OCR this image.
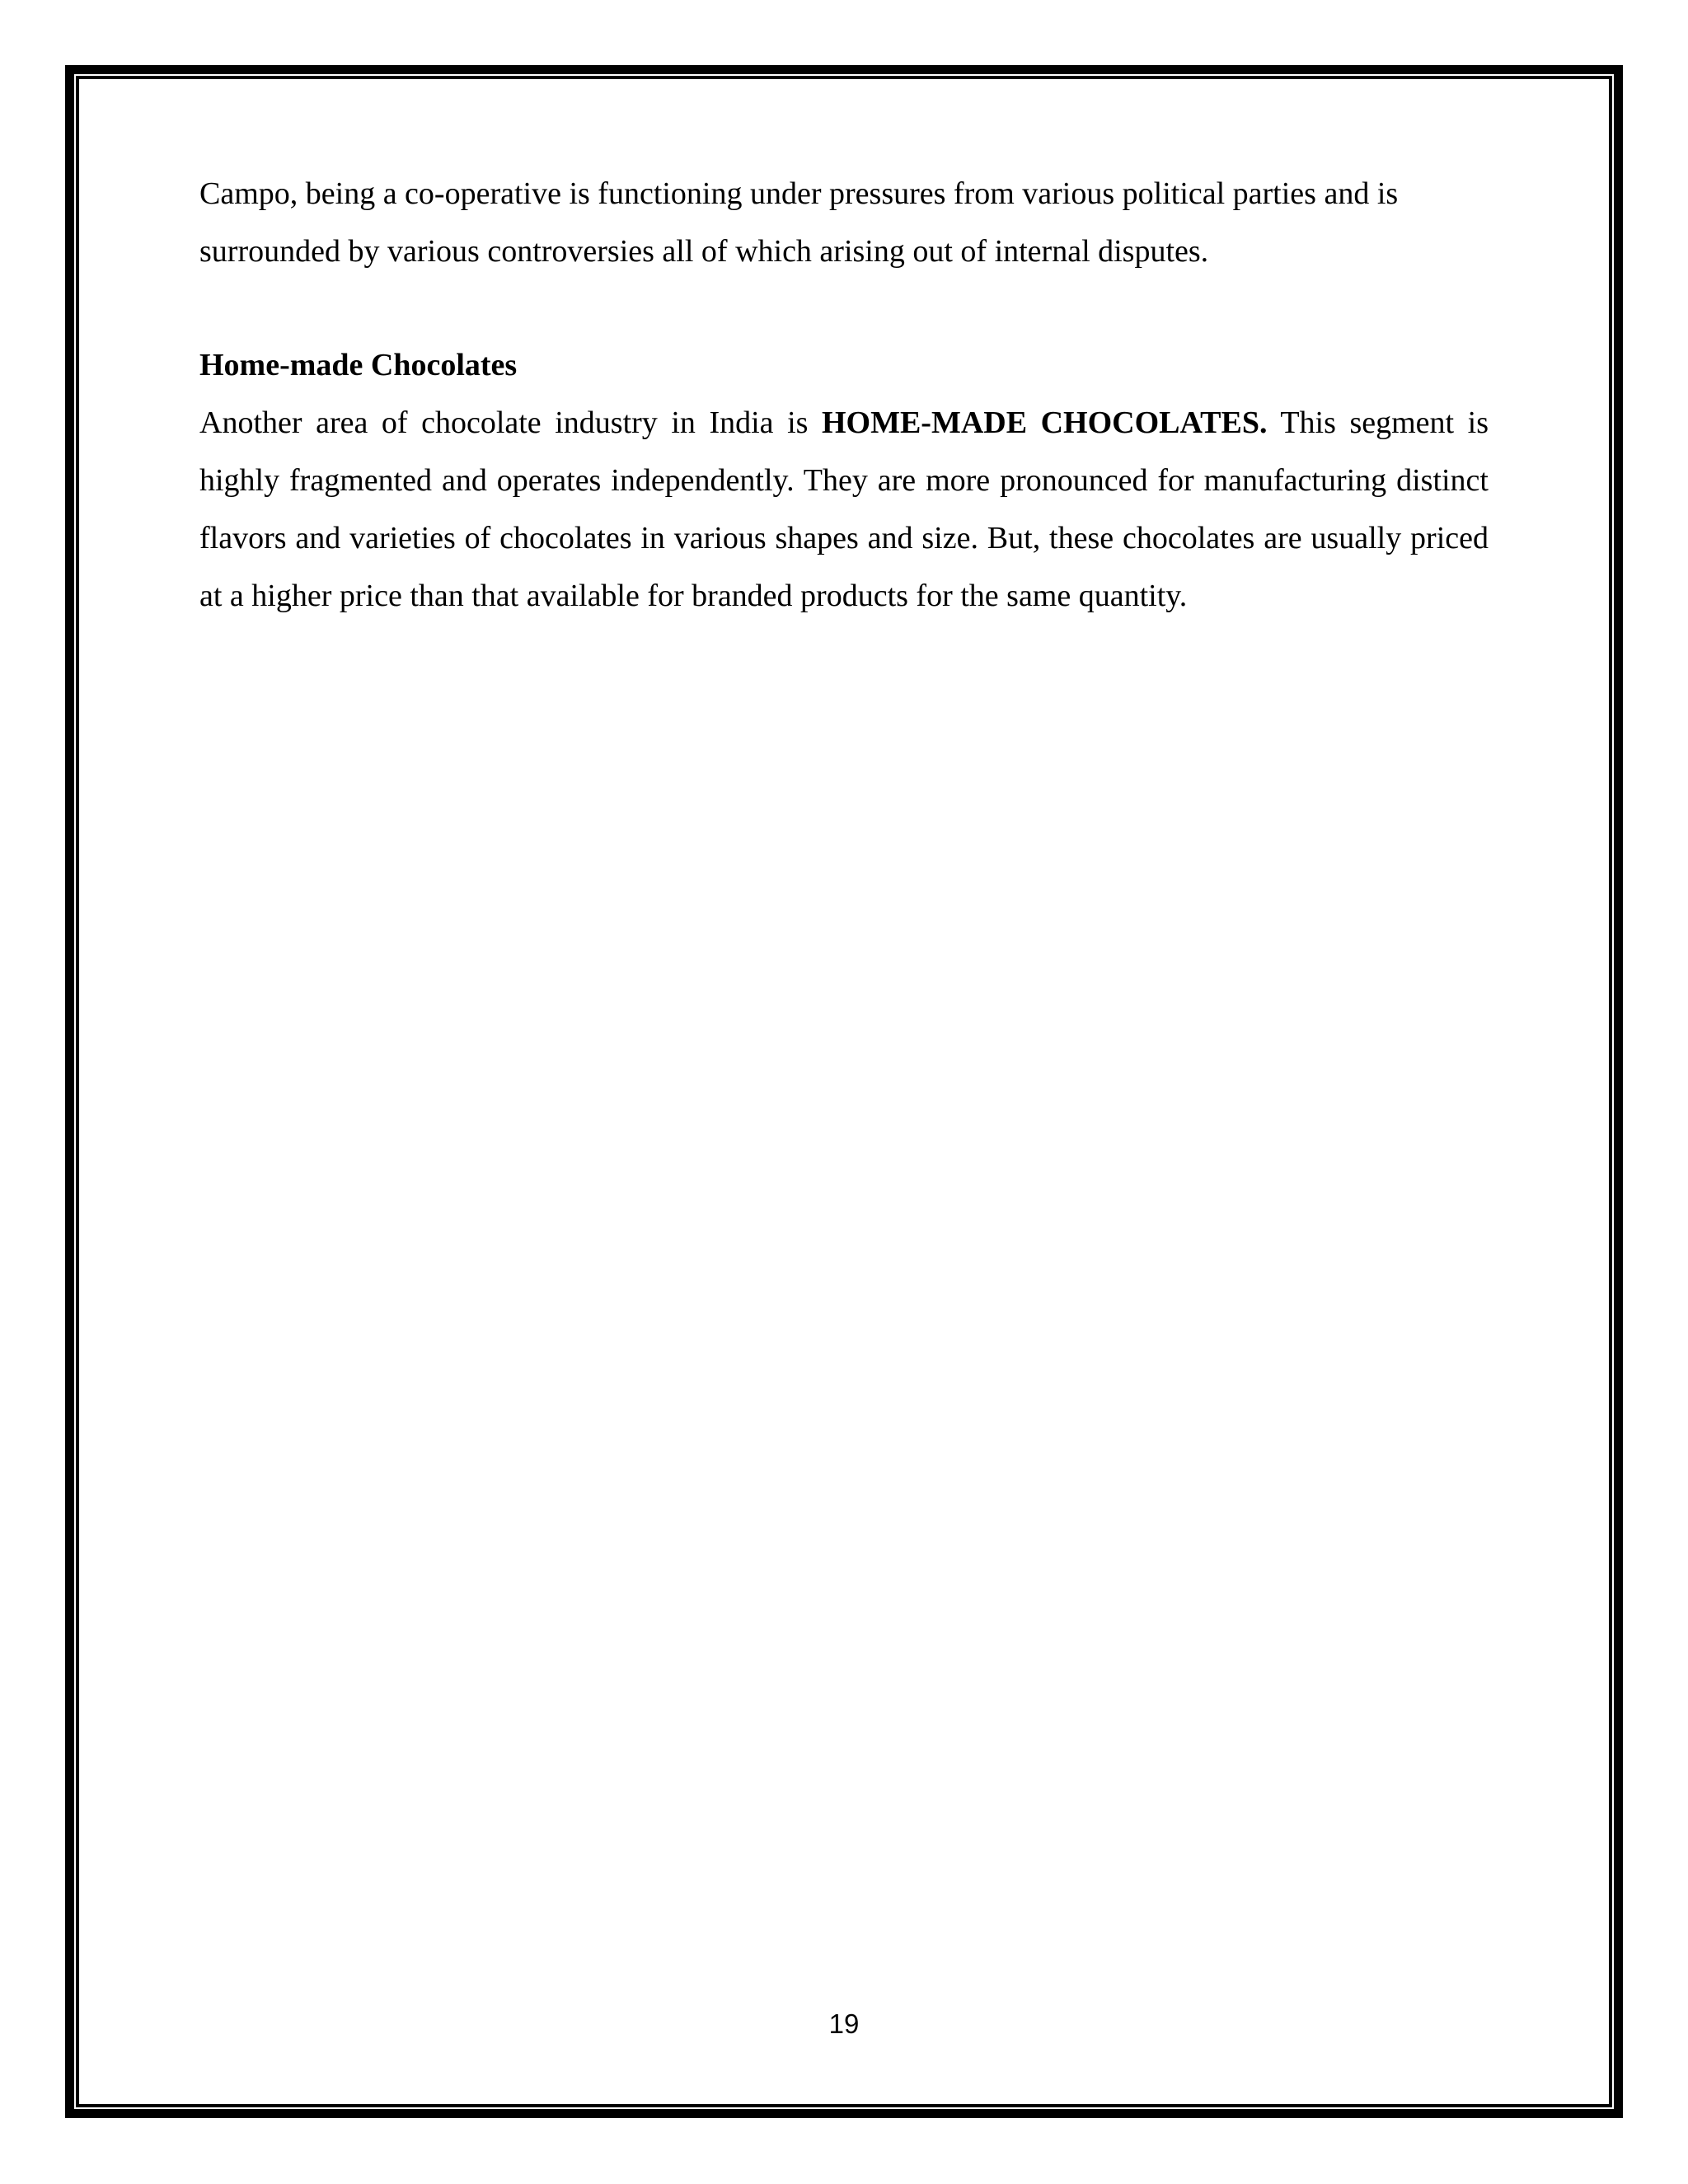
Campo, being a co-operative is functioning under pressures from various political parties and is surrounded by various controversies all of which arising out of internal disputes.

Home-made Chocolates

Another area of chocolate industry in India is HOME-MADE CHOCOLATES. This segment is highly fragmented and operates independently. They are more pronounced for manufacturing distinct flavors and varieties of chocolates in various shapes and size. But, these chocolates are usually priced at a higher price than that available for branded products for the same quantity.

19
